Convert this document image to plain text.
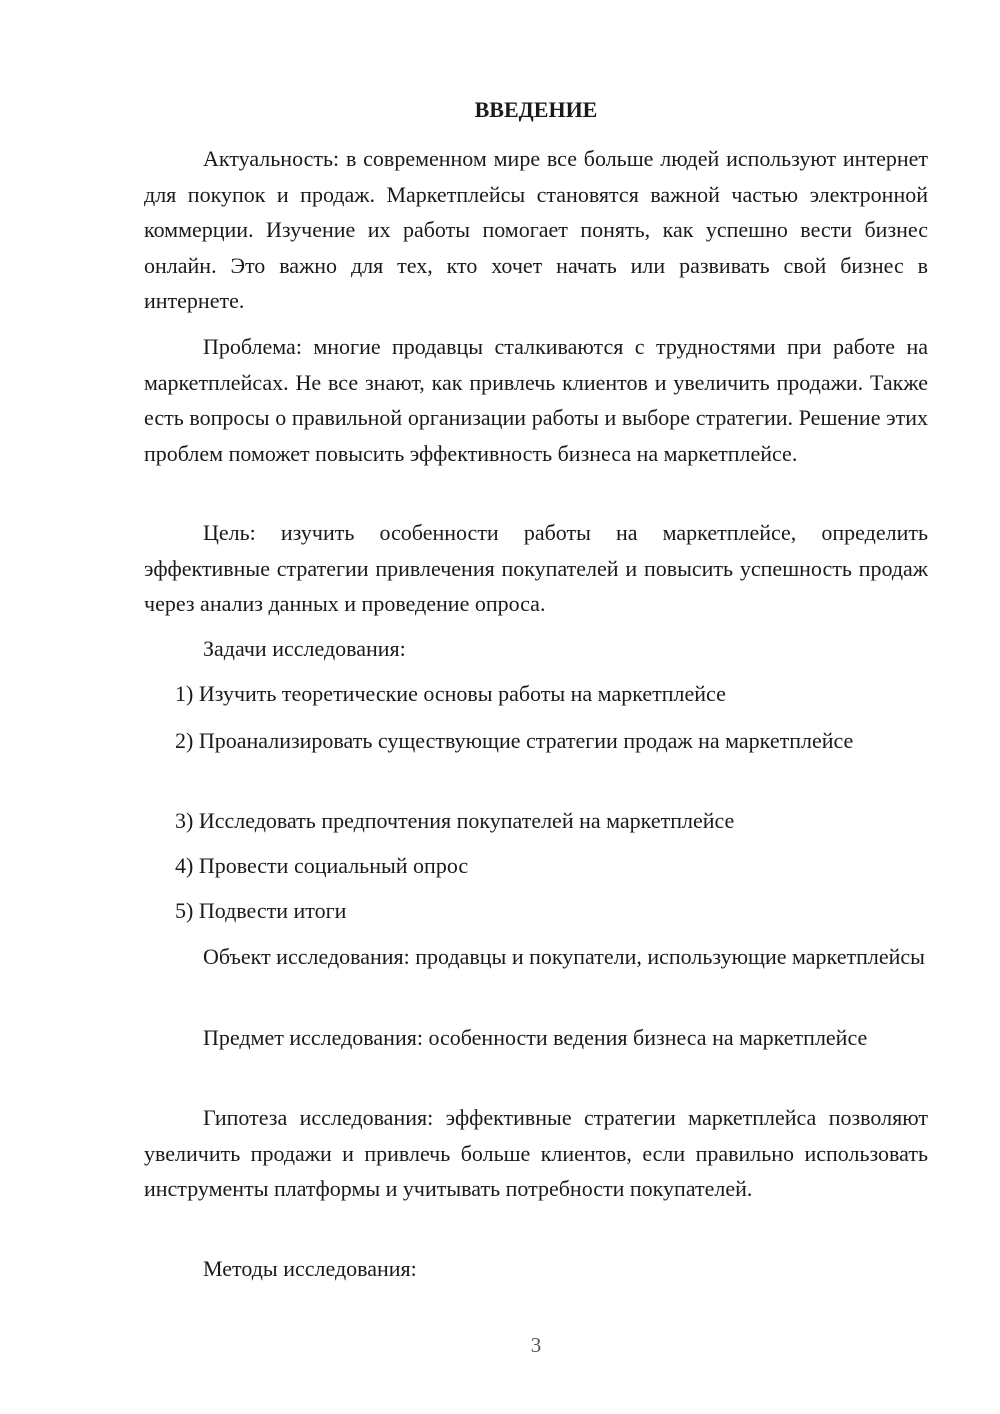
ВВЕДЕНИЕ

Актуальность: в современном мире все больше людей используют интернет для покупок и продаж. Маркетплейсы становятся важной частью электронной коммерции. Изучение их работы помогает понять, как успешно вести бизнес онлайн. Это важно для тех, кто хочет начать или развивать свой бизнес в интернете.

Проблема: многие продавцы сталкиваются с трудностями при работе на маркетплейсах. Не все знают, как привлечь клиентов и увеличить продажи. Также есть вопросы о правильной организации работы и выборе стратегии. Решение этих проблем поможет повысить эффективность бизнеса на маркетплейсе.

Цель: изучить особенности работы на маркетплейсе, определить эффективные стратегии привлечения покупателей и повысить успешность продаж через анализ данных и проведение опроса.

Задачи исследования:

1) Изучить теоретические основы работы на маркетплейсе

2) Проанализировать существующие стратегии продаж на маркетплейсе

3) Исследовать предпочтения покупателей на маркетплейсе

4) Провести социальный опрос

5) Подвести итоги

Объект исследования: продавцы и покупатели, использующие маркетплейсы

Предмет исследования: особенности ведения бизнеса на маркетплейсе

Гипотеза исследования: эффективные стратегии маркетплейса позволяют увеличить продажи и привлечь больше клиентов, если правильно использовать инструменты платформы и учитывать потребности покупателей.

Методы исследования:

3
